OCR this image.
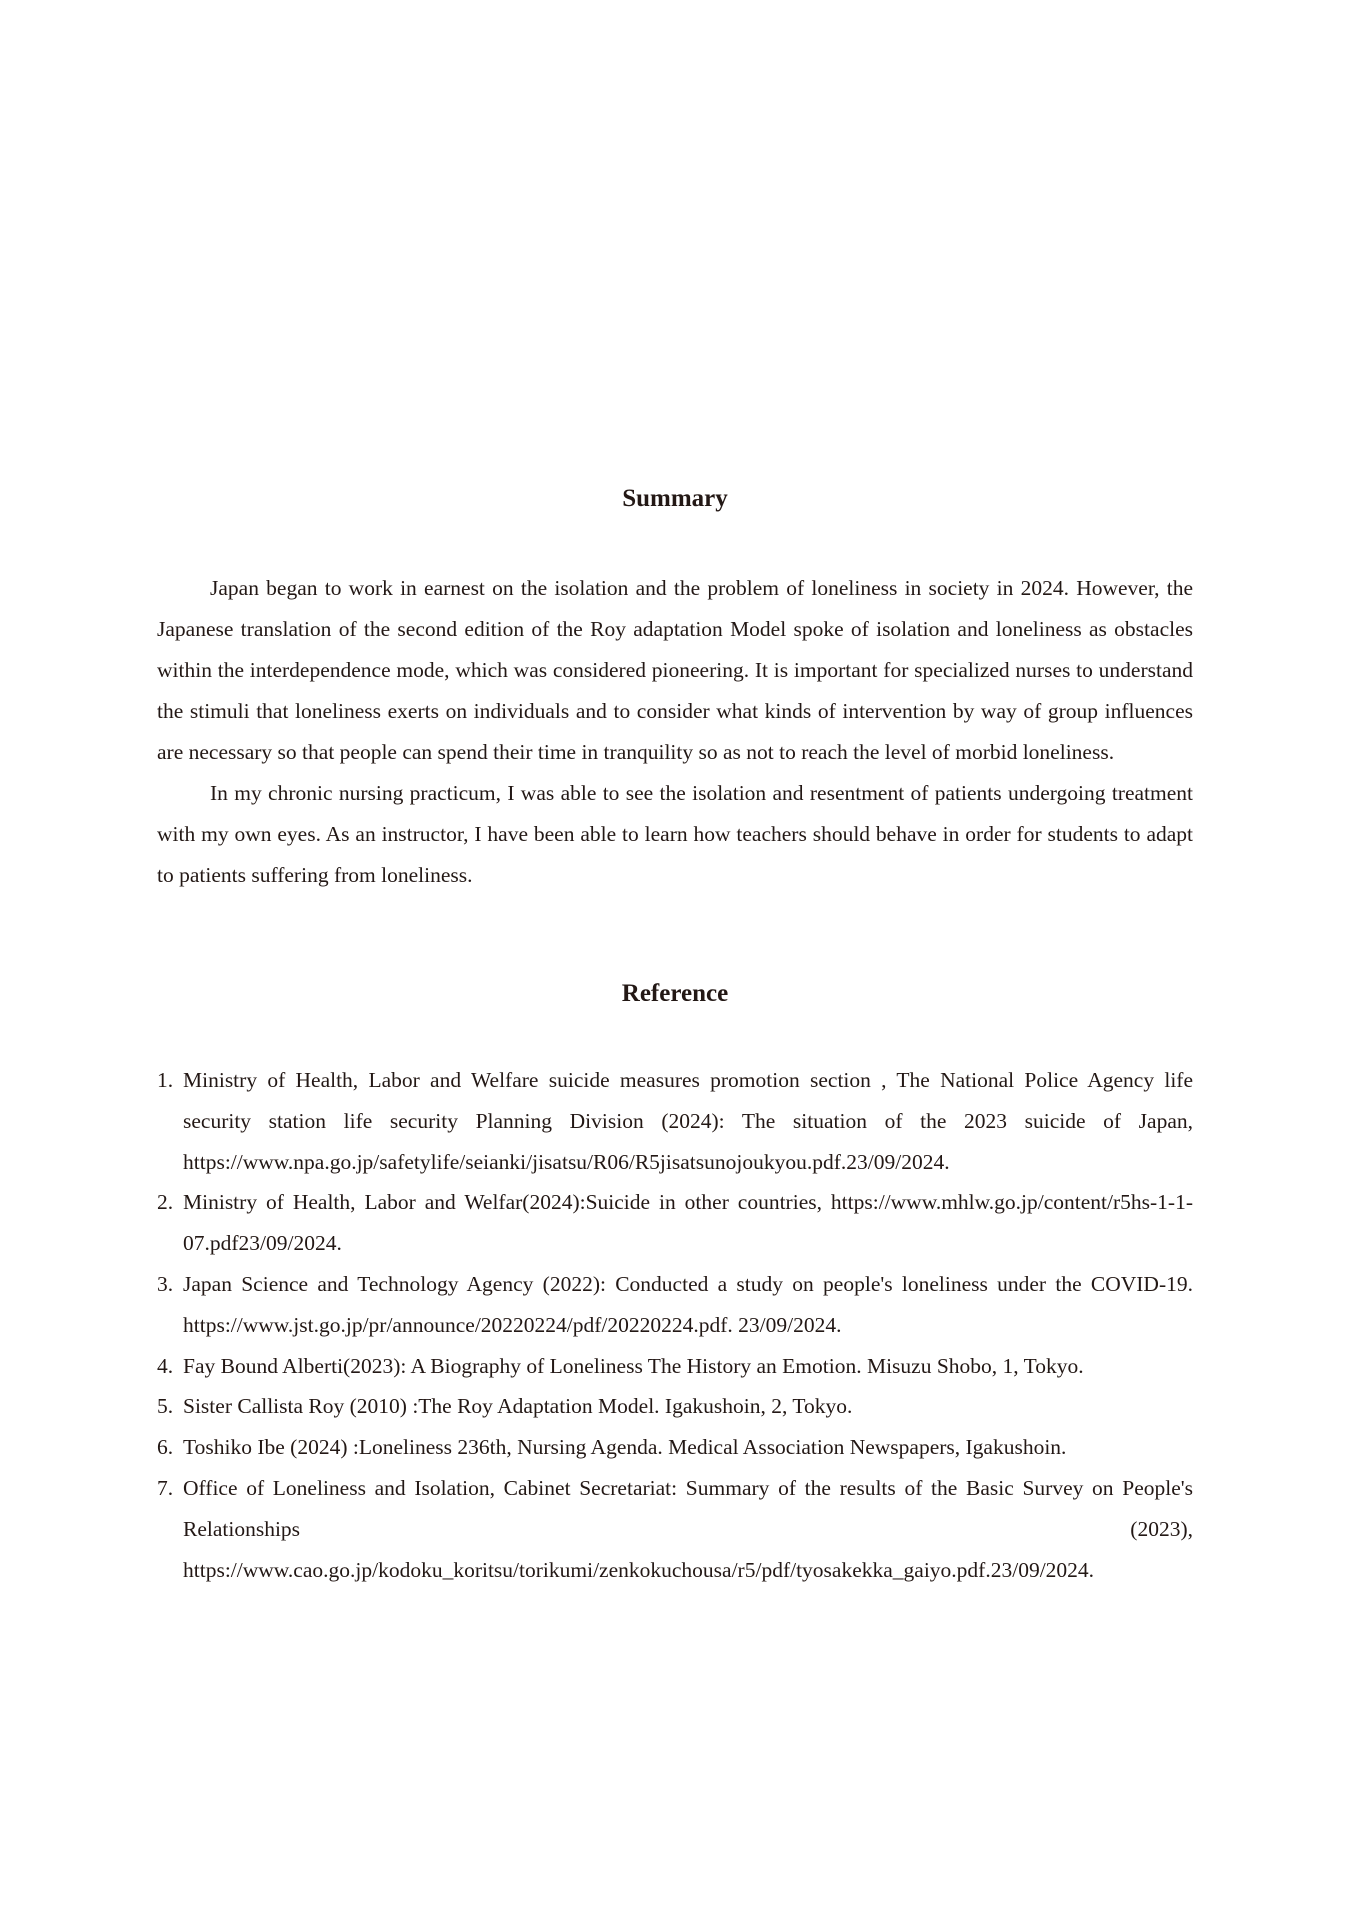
Summary

Japan began to work in earnest on the isolation and the problem of loneliness in society in 2024. However, the Japanese translation of the second edition of the Roy adaptation Model spoke of isolation and loneliness as obstacles within the interdependence mode, which was considered pioneering. It is important for specialized nurses to understand the stimuli that loneliness exerts on individuals and to consider what kinds of intervention by way of group influences are necessary so that people can spend their time in tranquility so as not to reach the level of morbid loneliness.

In my chronic nursing practicum, I was able to see the isolation and resentment of patients undergoing treatment with my own eyes. As an instructor, I have been able to learn how teachers should behave in order for students to adapt to patients suffering from loneliness.

Reference
1. Ministry of Health, Labor and Welfare suicide measures promotion section , The National Police Agency life security station life security Planning Division (2024): The situation of the 2023 suicide of Japan, https://www.npa.go.jp/safetylife/seianki/jisatsu/R06/R5jisatsunojoukyou.pdf.23/09/2024.
2. Ministry of Health, Labor and Welfar(2024):Suicide in other countries, https://www.mhlw.go.jp/content/r5hs-1-1-07.pdf23/09/2024.
3. Japan Science and Technology Agency (2022): Conducted a study on people's loneliness under the COVID-19. https://www.jst.go.jp/pr/announce/20220224/pdf/20220224.pdf. 23/09/2024.
4. Fay Bound Alberti(2023): A Biography of Loneliness The History an Emotion. Misuzu Shobo, 1, Tokyo.
5. Sister Callista Roy (2010) :The Roy Adaptation Model. Igakushoin, 2, Tokyo.
6. Toshiko Ibe (2024) :Loneliness 236th, Nursing Agenda. Medical Association Newspapers, Igakushoin.
7. Office of Loneliness and Isolation, Cabinet Secretariat: Summary of the results of the Basic Survey on People's Relationships (2023), https://www.cao.go.jp/kodoku_koritsu/torikumi/zenkokuchousa/r5/pdf/tyosakekka_gaiyo.pdf.23/09/2024.
